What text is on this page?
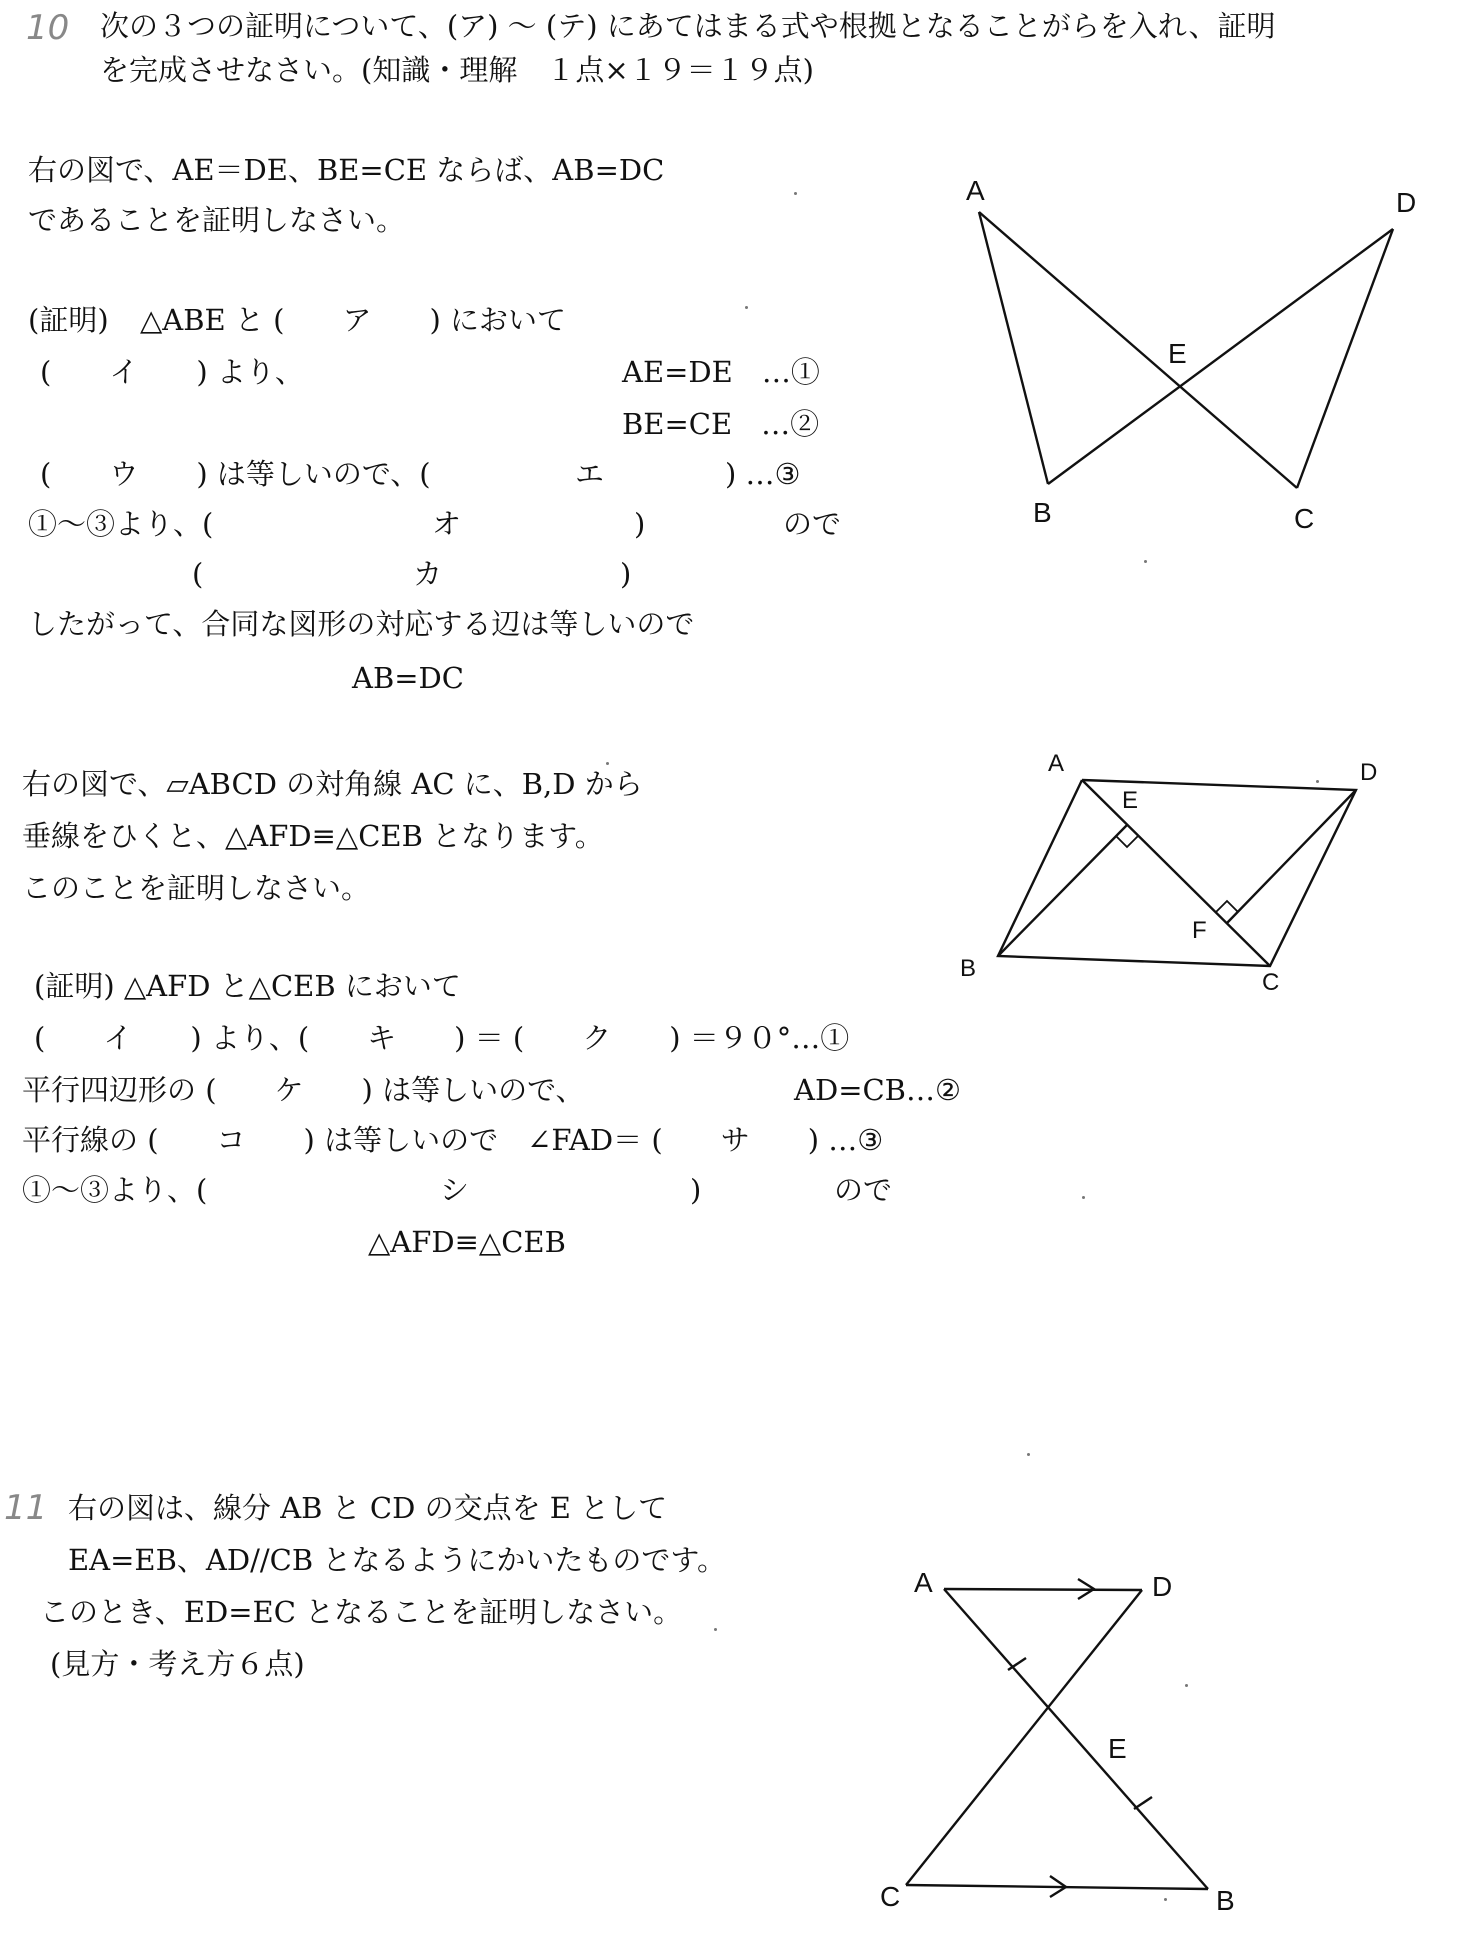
10 次の３つの証明について、(ア) ～ (テ) にあてはまる式や根拠となることがらを入れ、証明
を完成させなさい。(知識・理解　１点×１９＝１９点)
右の図で、AE＝DE、BE=CE ならば、AB=DC
であることを証明しなさい。
(証明) △ABE と (　　ア　　) において
(　　イ　　) より、	AE=DE　…①
BE=CE　…②
(　　ウ　　) は等しいので、(	エ	) …③
①～③より、(	オ	)	ので
(	カ	)
したがって、合同な図形の対応する辺は等しいので
AB=DC
A	D
E
B	C
右の図で、▱ABCD の対角線 AC に、B,D から
垂線をひくと、△AFD≡△CEB となります。
このことを証明しなさい。
(証明) △AFD と△CEB において
(　　イ　　) より、(　　キ　　) ＝ (　　ク　　) ＝９０°…①
平行四辺形の (　　ケ　　) は等しいので、	AD=CB…②
平行線の (　　コ　　) は等しいので　∠FAD＝ (　　サ　　) …③
①～③より、(	シ	)	ので
△AFD≡△CEB
A	D
E
F
B
C
11 右の図は、線分 AB と CD の交点を E として
EA=EB、AD//CB となるようにかいたものです。
このとき、ED=EC となることを証明しなさい。
(見方・考え方６点)
A	D
E
C	B
